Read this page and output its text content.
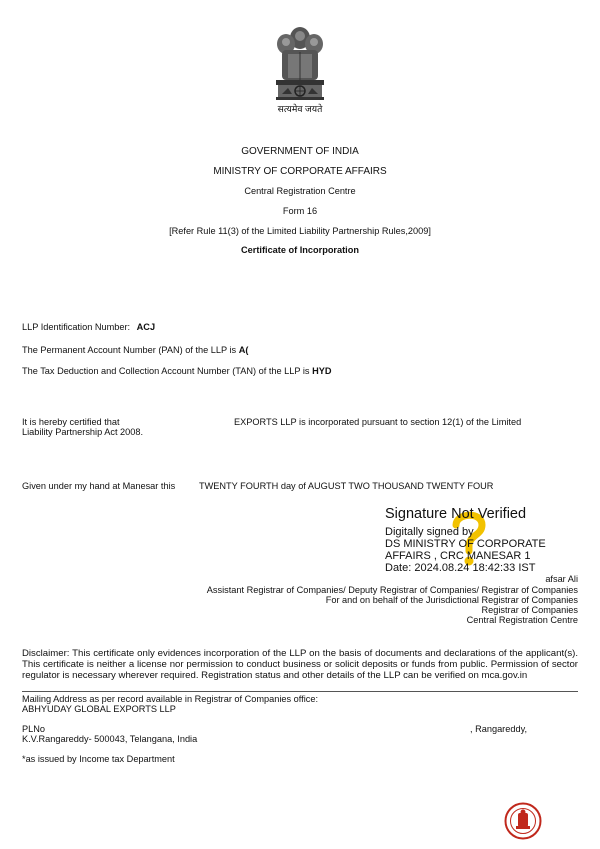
सत्यमेव जयते
GOVERNMENT OF INDIA
MINISTRY OF CORPORATE AFFAIRS
Central Registration Centre
Form 16
[Refer Rule 11(3) of the Limited Liability Partnership Rules,2009]
Certificate of Incorporation
LLP Identification Number: ACJ
The Permanent Account Number (PAN) of the LLP is A(
The Tax Deduction and Collection Account Number (TAN) of the LLP is HYD
It is hereby certified that	EXPORTS LLP is incorporated pursuant to section 12(1) of the Limited
Liability Partnership Act 2008.
Given under my hand at Manesar this	TWENTY FOURTH day of AUGUST TWO THOUSAND TWENTY FOUR
Signature Not Verified
Digitally signed by
DS MINISTRY OF CORPORATE
AFFAIRS , CRC MANESAR 1
Date: 2024.08.24 18:42:33 IST
afsar Ali
Assistant Registrar of Companies/ Deputy Registrar of Companies/ Registrar of Companies
For and on behalf of the Jurisdictional Registrar of Companies
Registrar of Companies
Central Registration Centre
Disclaimer: This certificate only evidences incorporation of the LLP on the basis of documents and declarations of the applicant(s). This certificate is neither a license nor permission to conduct business or solicit deposits or funds from public. Permission of sector regulator is necessary wherever required. Registration status and other details of the LLP can be verified on mca.gov.in
Mailing Address as per record available in Registrar of Companies office:
ABHYUDAY GLOBAL EXPORTS LLP
PLNo	, Rangareddy,
K.V.Rangareddy- 500043, Telangana, India
*as issued by Income tax Department
